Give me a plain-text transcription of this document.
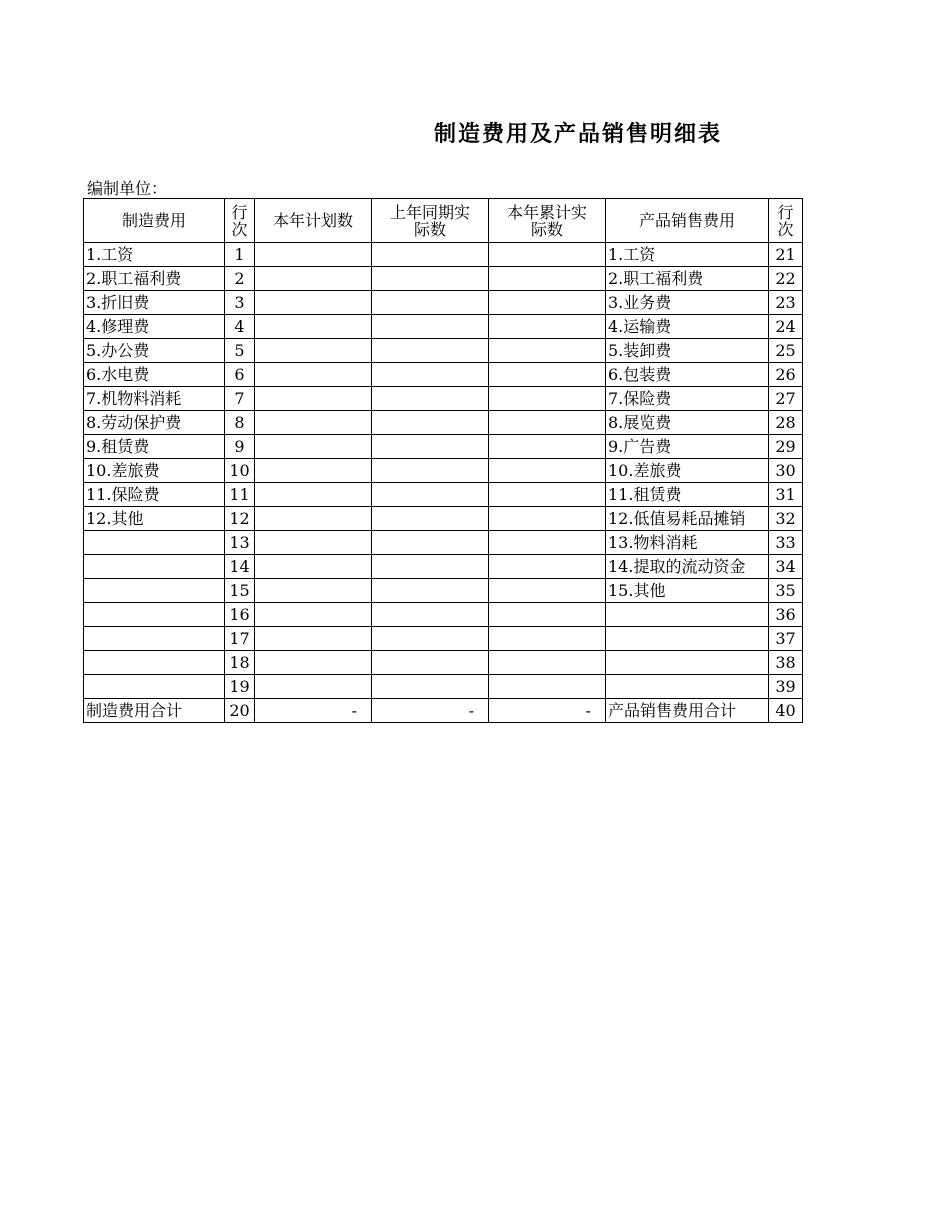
制造费用及产品销售明细表
编制单位：
制造费用	行次	本年计划数	上年同期实际数	本年累计实际数	产品销售费用	行次
1.工资	1				1.工资	21
2.职工福利费	2				2.职工福利费	22
3.折旧费	3				3.业务费	23
4.修理费	4				4.运输费	24
5.办公费	5				5.装卸费	25
6.水电费	6				6.包装费	26
7.机物料消耗	7				7.保险费	27
8.劳动保护费	8				8.展览费	28
9.租赁费	9				9.广告费	29
10.差旅费	10				10.差旅费	30
11.保险费	11				11.租赁费	31
12.其他	12				12.低值易耗品摊销	32
	13				13.物料消耗	33
	14				14.提取的流动资金	34
	15				15.其他	35
	16					36
	17					37
	18					38
	19					39
制造费用合计	20	-	-	-	产品销售费用合计	40
